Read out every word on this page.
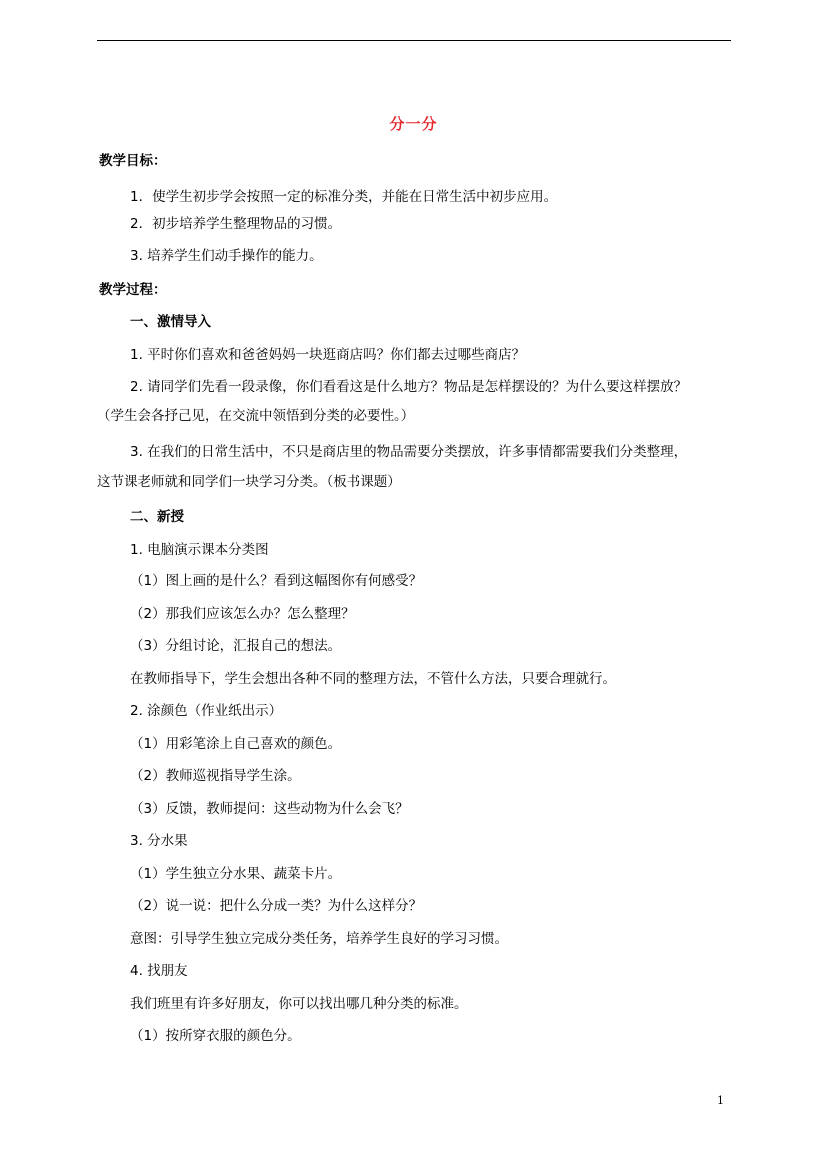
分一分
教学目标：
1．使学生初步学会按照一定的标准分类，并能在日常生活中初步应用。
2．初步培养学生整理物品的习惯。
3. 培养学生们动手操作的能力。
教学过程：
一、激情导入
1. 平时你们喜欢和爸爸妈妈一块逛商店吗？你们都去过哪些商店？
2. 请同学们先看一段录像，你们看看这是什么地方？物品是怎样摆设的？为什么要这样摆放？
（学生会各抒己见，在交流中领悟到分类的必要性。）
3. 在我们的日常生活中，不只是商店里的物品需要分类摆放，许多事情都需要我们分类整理，
这节课老师就和同学们一块学习分类。（板书课题）
二、新授
1. 电脑演示课本分类图
（1）图上画的是什么？看到这幅图你有何感受？
（2）那我们应该怎么办？怎么整理？
（3）分组讨论，汇报自己的想法。
在教师指导下，学生会想出各种不同的整理方法，不管什么方法，只要合理就行。
2. 涂颜色（作业纸出示）
（1）用彩笔涂上自己喜欢的颜色。
（2）教师巡视指导学生涂。
（3）反馈，教师提问：这些动物为什么会飞？
3. 分水果
（1）学生独立分水果、蔬菜卡片。
（2）说一说：把什么分成一类？为什么这样分？
意图：引导学生独立完成分类任务，培养学生良好的学习习惯。
4. 找朋友
我们班里有许多好朋友，你可以找出哪几种分类的标准。
（1）按所穿衣服的颜色分。
1
